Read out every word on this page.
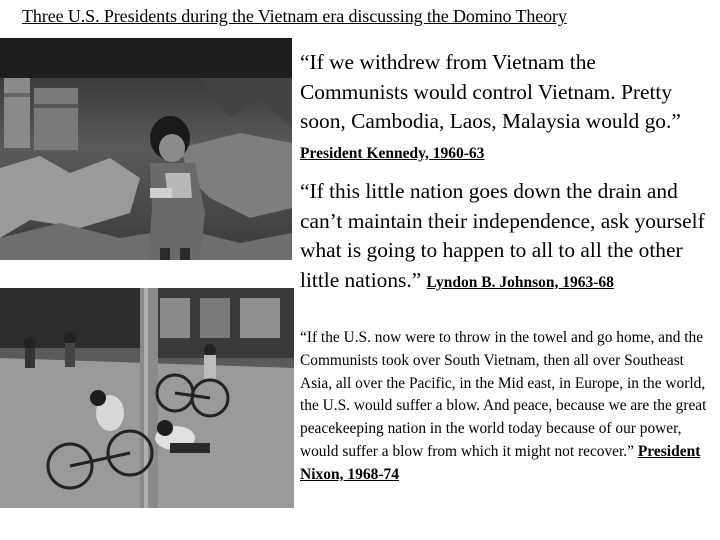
Three U.S. Presidents during the Vietnam era discussing the Domino Theory
“If we withdrew from Vietnam the Communists would control Vietnam. Pretty soon, Cambodia, Laos, Malaysia would go.” President Kennedy, 1960-63
“If this little nation goes down the drain and can’t maintain their independence, ask yourself what is going to happen to all to all the other little nations.” Lyndon B. Johnson, 1963-68
“If the U.S. now were to throw in the towel and go home, and the Communists took over South Vietnam, then all over Southeast Asia, all over the Pacific, in the Mid east, in Europe, in the world, the U.S. would suffer a blow. And peace, because we are the great peacekeeping nation in the world today because of our power, would suffer a blow from which it might not recover.” President Nixon, 1968-74
